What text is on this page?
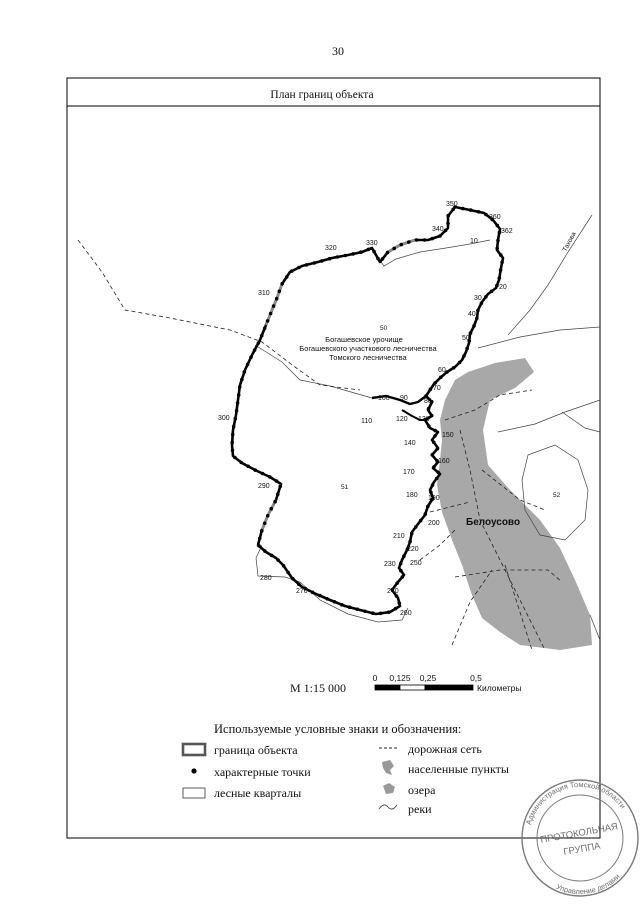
30
План границ объекта
350
360
362
10
340
330
320
310
20
30
40
50
60
70
80
90
100
110	120 130
140
150
160
170
180 190
200
210
220
230
240
250
260
270
280
290
300
50
51
52
Богашевское урочище
Богашевского участкового лесничества
Томского лесничества
Белоусово
Тахова
М 1:15 000
0 0,125 0,25	0,5
Километры
Используемые условные знаки и обозначения:
граница объекта
характерные точки
лесные кварталы
дорожная сеть
населенные пункты
озера
реки
Администрация Томской области
Управление делами
ПРОТОКОЛЬНАЯ
ГРУППА
